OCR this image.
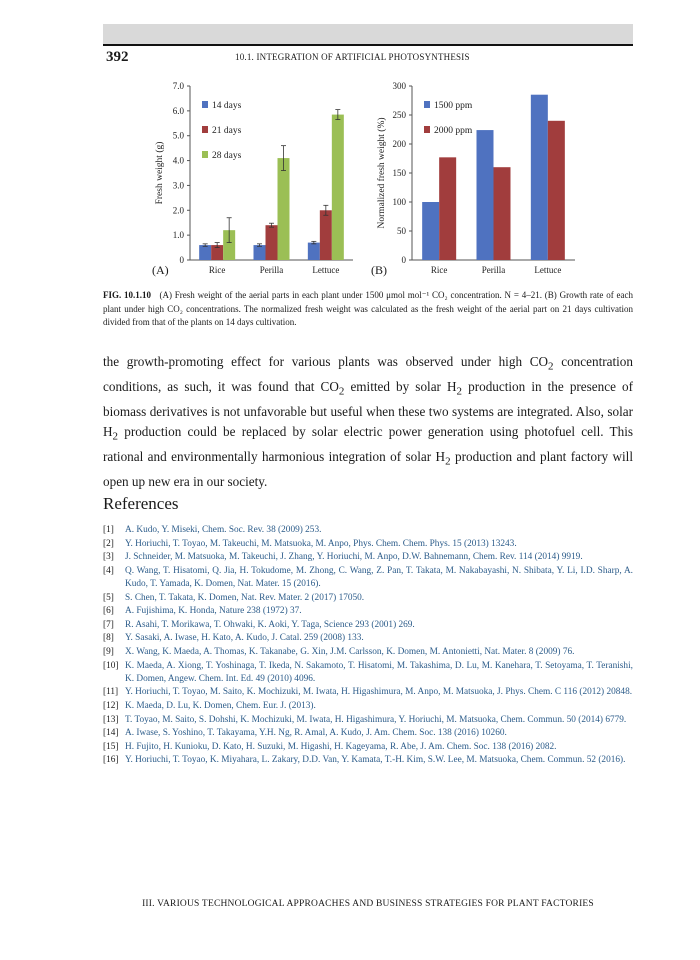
392	10.1. INTEGRATION OF ARTIFICIAL PHOTOSYNTHESIS
0
1.0
2.0
3.0
4.0
5.0
6.0
7.0
Fresh weight (g)
Rice	Perilla	Lettuce
14 days
21 days
28 days
0
50
100
150
200
250
300
Normalized fresh weight (%)
Rice	Perilla	Lettuce
1500 ppm
2000 ppm
(A)	(B)
FIG. 10.1.10 (A) Fresh weight of the aerial parts in each plant under 1500 μmol mol⁻¹ CO₂ concentration. N = 4–21. (B) Growth rate of each plant under high CO₂ concentrations. The normalized fresh weight was calculated as the fresh weight of the aerial part on 21 days cultivation divided from that of the plants on 14 days cultivation.

the growth-promoting effect for various plants was observed under high $CO_2$ concentration conditions, as such, it was found that $CO_2$ emitted by solar $H_2$ production in the presence of biomass derivatives is not unfavorable but useful when these two systems are integrated. Also, solar $H_2$ production could be replaced by solar electric power generation using photofuel cell. This rational and environmentally harmonious integration of solar $H_2$ production and plant factory will open up new era in our society.

References
[1] A. Kudo, Y. Miseki, Chem. Soc. Rev. 38 (2009) 253.
[2] Y. Horiuchi, T. Toyao, M. Takeuchi, M. Matsuoka, M. Anpo, Phys. Chem. Chem. Phys. 15 (2013) 13243.
[3] J. Schneider, M. Matsuoka, M. Takeuchi, J. Zhang, Y. Horiuchi, M. Anpo, D.W. Bahnemann, Chem. Rev. 114 (2014) 9919.
[4] Q. Wang, T. Hisatomi, Q. Jia, H. Tokudome, M. Zhong, C. Wang, Z. Pan, T. Takata, M. Nakabayashi, N. Shibata, Y. Li, I.D. Sharp, A. Kudo, T. Yamada, K. Domen, Nat. Mater. 15 (2016).
[5] S. Chen, T. Takata, K. Domen, Nat. Rev. Mater. 2 (2017) 17050.
[6] A. Fujishima, K. Honda, Nature 238 (1972) 37.
[7] R. Asahi, T. Morikawa, T. Ohwaki, K. Aoki, Y. Taga, Science 293 (2001) 269.
[8] Y. Sasaki, A. Iwase, H. Kato, A. Kudo, J. Catal. 259 (2008) 133.
[9] X. Wang, K. Maeda, A. Thomas, K. Takanabe, G. Xin, J.M. Carlsson, K. Domen, M. Antonietti, Nat. Mater. 8 (2009) 76.
[10] K. Maeda, A. Xiong, T. Yoshinaga, T. Ikeda, N. Sakamoto, T. Hisatomi, M. Takashima, D. Lu, M. Kanehara, T. Setoyama, T. Teranishi, K. Domen, Angew. Chem. Int. Ed. 49 (2010) 4096.
[11] Y. Horiuchi, T. Toyao, M. Saito, K. Mochizuki, M. Iwata, H. Higashimura, M. Anpo, M. Matsuoka, J. Phys. Chem. C 116 (2012) 20848.
[12] K. Maeda, D. Lu, K. Domen, Chem. Eur. J. (2013).
[13] T. Toyao, M. Saito, S. Dohshi, K. Mochizuki, M. Iwata, H. Higashimura, Y. Horiuchi, M. Matsuoka, Chem. Commun. 50 (2014) 6779.
[14] A. Iwase, S. Yoshino, T. Takayama, Y.H. Ng, R. Amal, A. Kudo, J. Am. Chem. Soc. 138 (2016) 10260.
[15] H. Fujito, H. Kunioku, D. Kato, H. Suzuki, M. Higashi, H. Kageyama, R. Abe, J. Am. Chem. Soc. 138 (2016) 2082.
[16] Y. Horiuchi, T. Toyao, K. Miyahara, L. Zakary, D.D. Van, Y. Kamata, T.-H. Kim, S.W. Lee, M. Matsuoka, Chem. Commun. 52 (2016).
III. VARIOUS TECHNOLOGICAL APPROACHES AND BUSINESS STRATEGIES FOR PLANT FACTORIES
